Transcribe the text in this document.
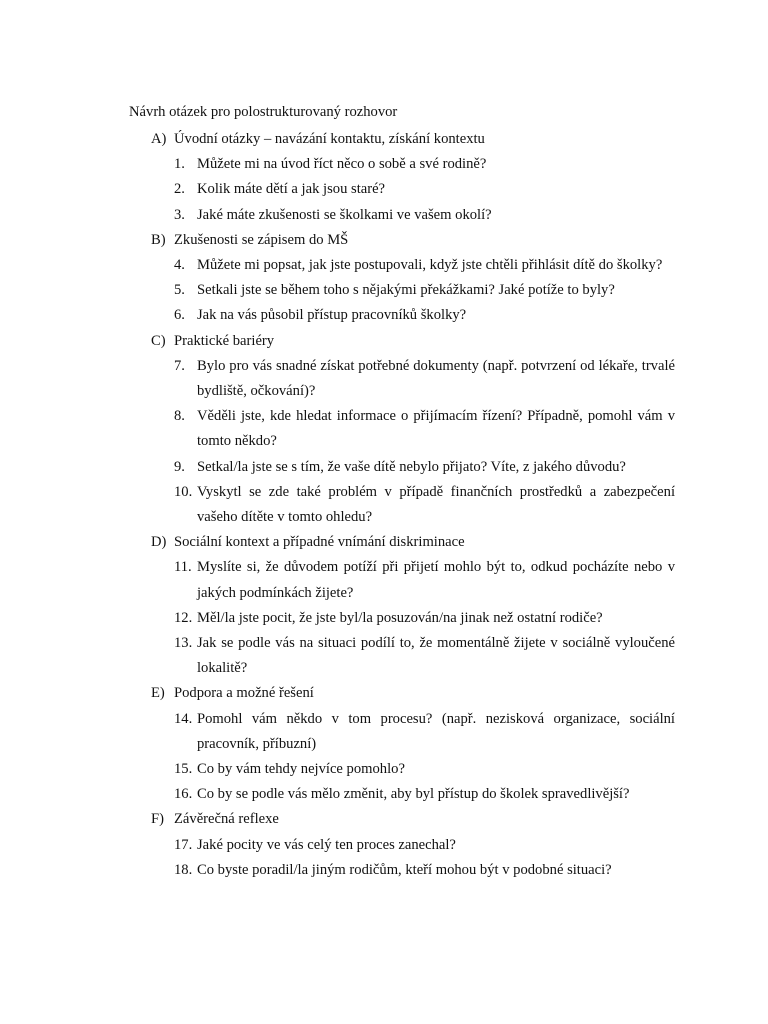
Návrh otázek pro polostrukturovaný rozhovor
A) Úvodní otázky – navázání kontaktu, získání kontextu
1. Můžete mi na úvod říct něco o sobě a své rodině?
2. Kolik máte dětí a jak jsou staré?
3. Jaké máte zkušenosti se školkami ve vašem okolí?
B) Zkušenosti se zápisem do MŠ
4. Můžete mi popsat, jak jste postupovali, když jste chtěli přihlásit dítě do školky?
5. Setkali jste se během toho s nějakými překážkami? Jaké potíže to byly?
6. Jak na vás působil přístup pracovníků školky?
C) Praktické bariéry
7. Bylo pro vás snadné získat potřebné dokumenty (např. potvrzení od lékaře, trvalé bydliště, očkování)?
8. Věděli jste, kde hledat informace o přijímacím řízení? Případně, pomohl vám v tomto někdo?
9. Setkal/la jste se s tím, že vaše dítě nebylo přijato? Víte, z jakého důvodu?
10. Vyskytl se zde také problém v případě finančních prostředků a zabezpečení vašeho dítěte v tomto ohledu?
D) Sociální kontext a případné vnímání diskriminace
11. Myslíte si, že důvodem potíží při přijetí mohlo být to, odkud pocházíte nebo v jakých podmínkách žijete?
12. Měl/la jste pocit, že jste byl/la posuzován/na jinak než ostatní rodiče?
13. Jak se podle vás na situaci podílí to, že momentálně žijete v sociálně vyloučené lokalitě?
E) Podpora a možné řešení
14. Pomohl vám někdo v tom procesu? (např. nezisková organizace, sociální pracovník, příbuzní)
15. Co by vám tehdy nejvíce pomohlo?
16. Co by se podle vás mělo změnit, aby byl přístup do školek spravedlivější?
F) Závěrečná reflexe
17. Jaké pocity ve vás celý ten proces zanechal?
18. Co byste poradil/la jiným rodičům, kteří mohou být v podobné situaci?
